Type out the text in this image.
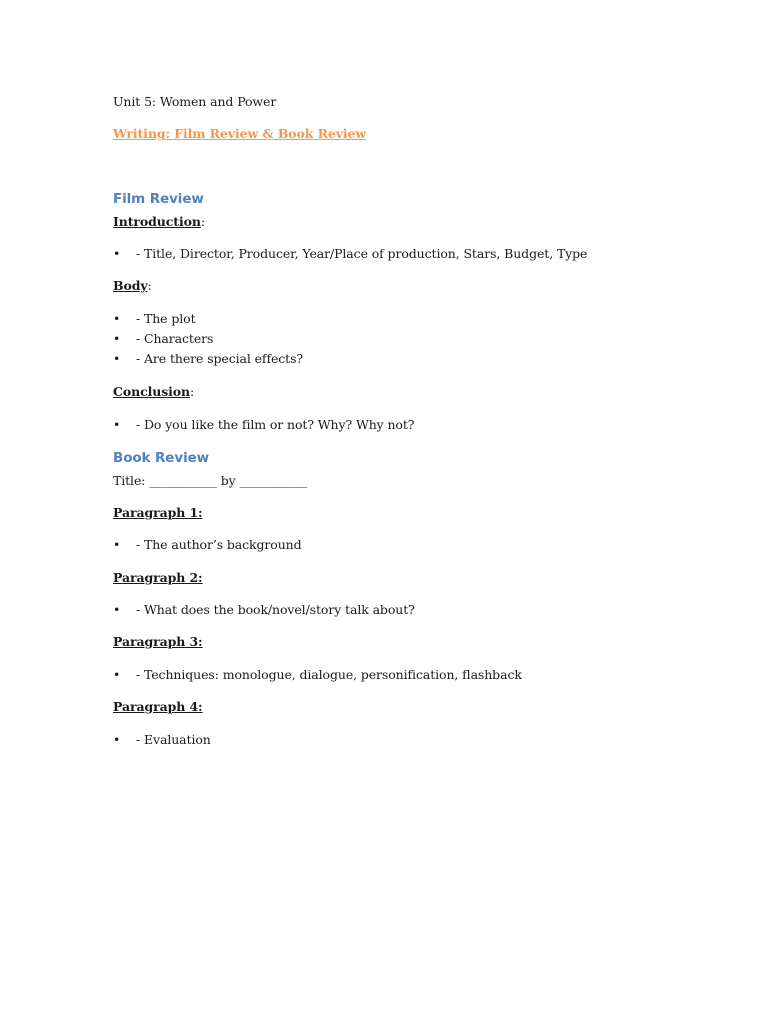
Unit 5: Women and Power
Writing: Film Review & Book Review
Film Review
Introduction:
• - Title, Director, Producer, Year/Place of production, Stars, Budget, Type
Body:
• - The plot
• - Characters
• - Are there special effects?
Conclusion:
• - Do you like the film or not? Why? Why not?
Book Review
Title: ___________ by ___________
Paragraph 1:
• - The author’s background
Paragraph 2:
• - What does the book/novel/story talk about?
Paragraph 3:
• - Techniques: monologue, dialogue, personification, flashback
Paragraph 4:
• - Evaluation
